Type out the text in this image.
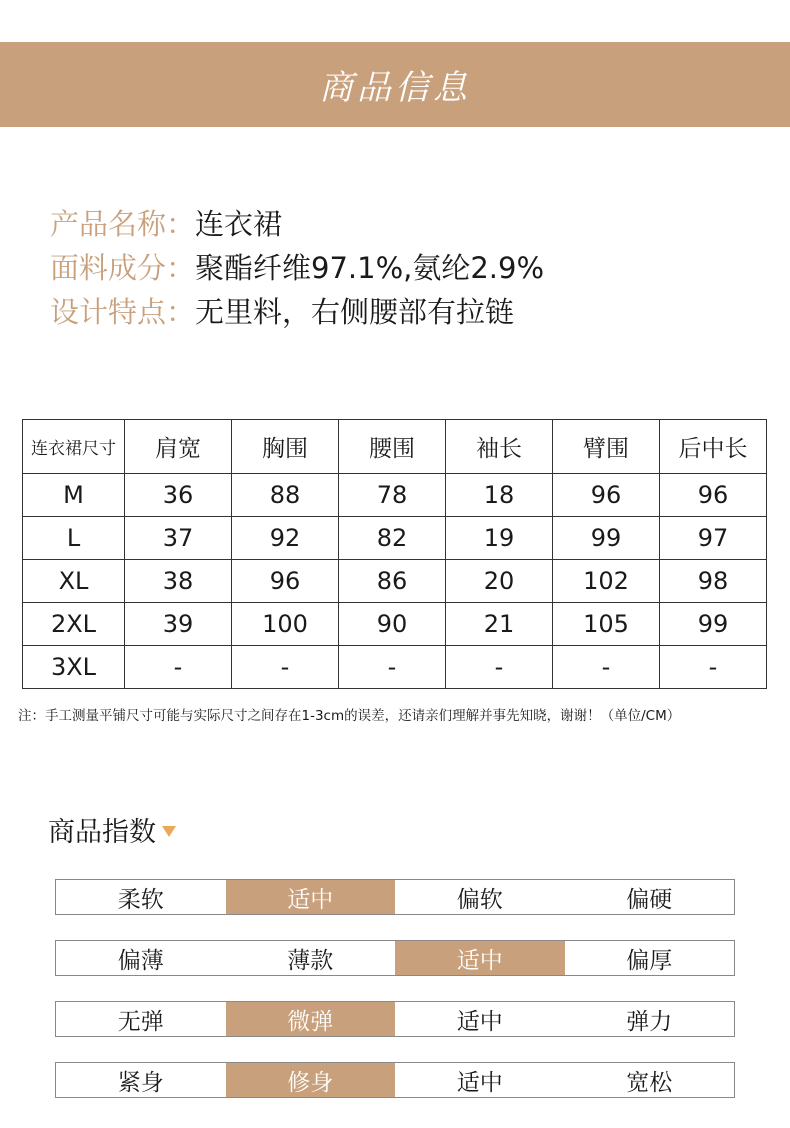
商品信息
产品名称： 连衣裙
面料成分： 聚酯纤维97.1%,氨纶2.9%
设计特点： 无里料，右侧腰部有拉链
连衣裙尺寸	肩宽	胸围	腰围	袖长	臂围	后中长
M	36	88	78	18	96	96
L	37	92	82	19	99	97
XL	38	96	86	20	102	98
2XL	39	100	90	21	105	99
3XL	-	-	-	-	-	-
注：手工测量平铺尺寸可能与实际尺寸之间存在1-3cm的误差，还请亲们理解并事先知晓，谢谢！（单位/CM）
商品指数
柔软	适中	偏软	偏硬
偏薄	薄款	适中	偏厚
无弹	微弹	适中	弹力
紧身	修身	适中	宽松
